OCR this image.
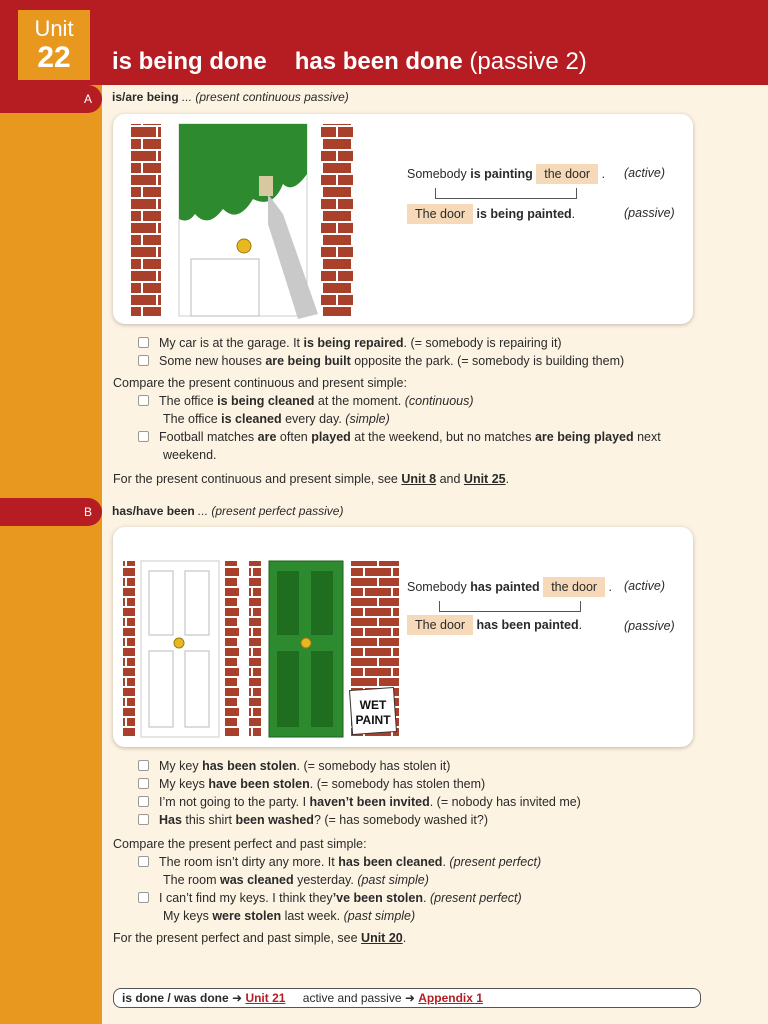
Unit
22	is being done has been done (passive 2)
A	is/are being ... (present continuous passive)
Somebody is painting the door . (active)
The door is being painted.	(passive)
My car is at the garage. It is being repaired. (= somebody is repairing it)
Some new houses are being built opposite the park. (= somebody is building them)
Compare the present continuous and present simple:
The office is being cleaned at the moment. (continuous)
The office is cleaned every day. (simple)
Football matches are often played at the weekend, but no matches are being played next
weekend.
For the present continuous and present simple, see Unit 8 and Unit 25.
B	has/have been ... (present perfect passive)
WET
PAINT
Somebody has painted the door . (active)
The door has been painted.	(passive)
My key has been stolen. (= somebody has stolen it)
My keys have been stolen. (= somebody has stolen them)
I’m not going to the party. I haven’t been invited. (= nobody has invited me)
Has this shirt been washed? (= has somebody washed it?)
Compare the present perfect and past simple:
The room isn’t dirty any more. It has been cleaned. (present perfect)
The room was cleaned yesterday. (past simple)
I can’t find my keys. I think they’ve been stolen. (present perfect)
My keys were stolen last week. (past simple)
For the present perfect and past simple, see Unit 20.
is done / was done ➜ Unit 21 active and passive ➜ Appendix 1
